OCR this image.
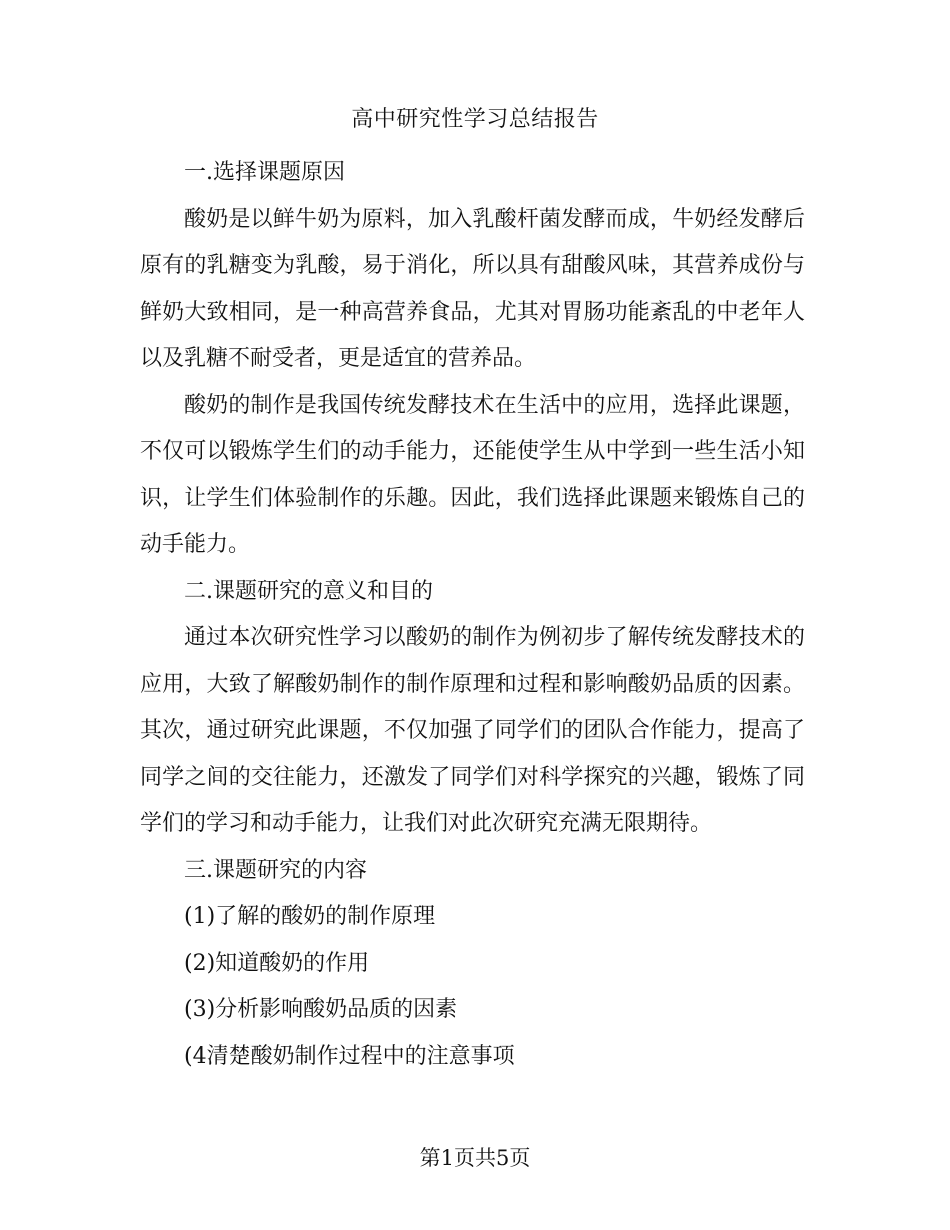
高中研究性学习总结报告

一.选择课题原因

酸奶是以鲜牛奶为原料，加入乳酸杆菌发酵而成，牛奶经发酵后原有的乳糖变为乳酸，易于消化，所以具有甜酸风味，其营养成份与鲜奶大致相同，是一种高营养食品，尤其对胃肠功能紊乱的中老年人以及乳糖不耐受者，更是适宜的营养品。

酸奶的制作是我国传统发酵技术在生活中的应用，选择此课题，不仅可以锻炼学生们的动手能力，还能使学生从中学到一些生活小知识，让学生们体验制作的乐趣。因此，我们选择此课题来锻炼自己的动手能力。

二.课题研究的意义和目的

通过本次研究性学习以酸奶的制作为例初步了解传统发酵技术的应用，大致了解酸奶制作的制作原理和过程和影响酸奶品质的因素。其次，通过研究此课题，不仅加强了同学们的团队合作能力，提高了同学之间的交往能力，还激发了同学们对科学探究的兴趣，锻炼了同学们的学习和动手能力，让我们对此次研究充满无限期待。

三.课题研究的内容

(1)了解的酸奶的制作原理

(2)知道酸奶的作用

(3)分析影响酸奶品质的因素

(4清楚酸奶制作过程中的注意事项

第1页共5页
